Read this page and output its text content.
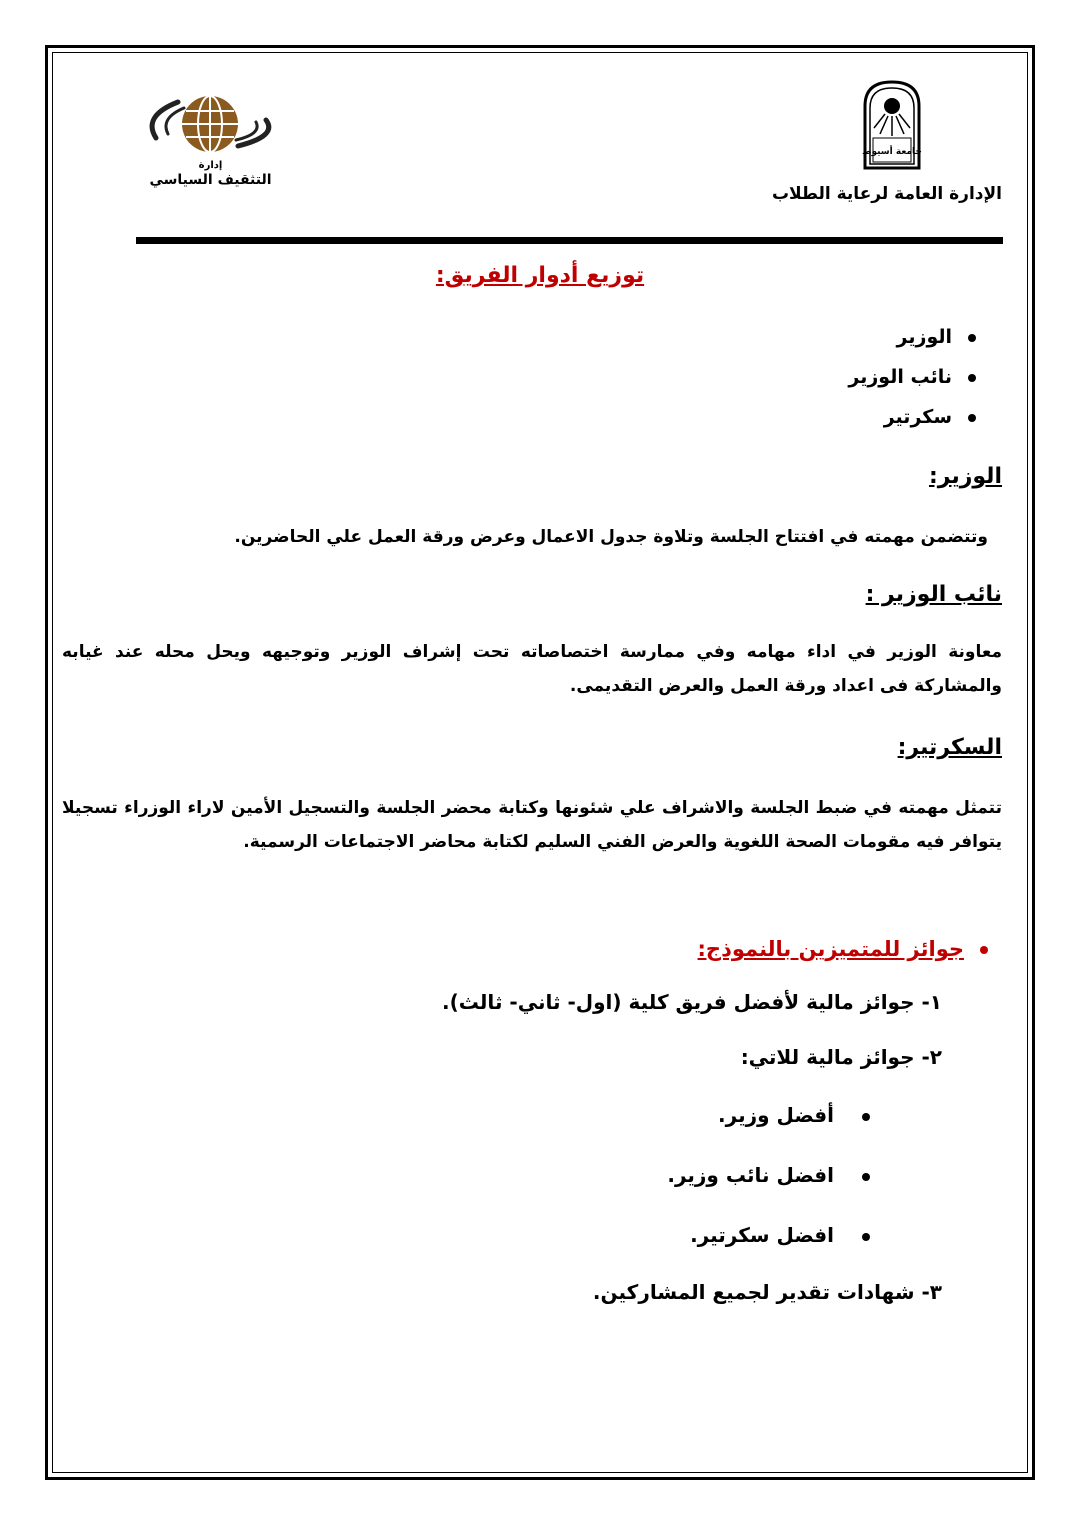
جامعة أسيوط
إدارة
التثقيف السياسي
الإدارة العامة لرعاية الطلاب
توزيع أدوار الفريق:
الوزير
نائب الوزير
سكرتير
الوزير:
وتتضمن مهمته في افتتاح الجلسة وتلاوة جدول الاعمال وعرض ورقة العمل علي الحاضرين.
نائب الوزير :
معاونة الوزير في اداء مهامه وفي ممارسة اختصاصاته تحت إشراف الوزير وتوجيهه ويحل محله عند غيابه والمشاركة فى اعداد ورقة العمل والعرض التقديمى.
السكرتير:
تتمثل مهمته في ضبط الجلسة والاشراف علي شئونها وكتابة محضر الجلسة والتسجيل الأمين لاراء الوزراء تسجيلا يتوافر فيه مقومات الصحة اللغوية والعرض الفني السليم لكتابة محاضر الاجتماعات الرسمية.
جوائز للمتميزين بالنموذج:
١- جوائز مالية لأفضل فريق كلية (اول- ثاني- ثالث).
٢- جوائز مالية للاتي:
أفضل وزير.
افضل نائب وزير.
افضل سكرتير.
٣- شهادات تقدير لجميع المشاركين.
